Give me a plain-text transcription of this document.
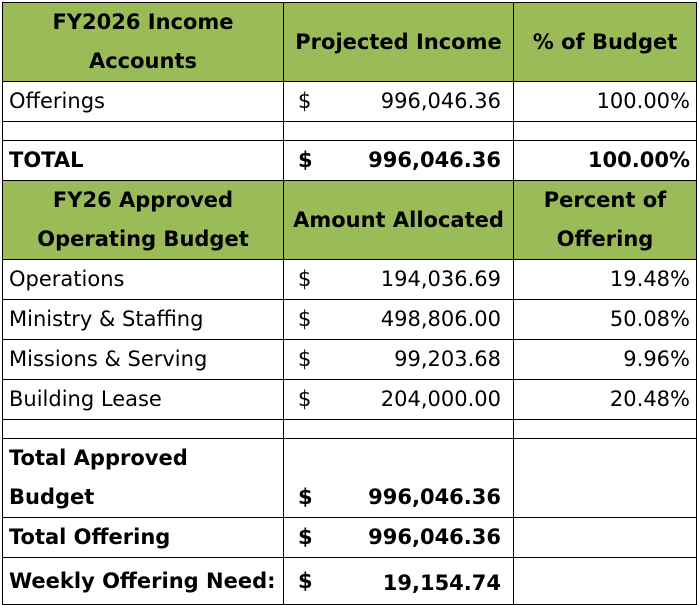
FY2026 Income Accounts	Projected Income	% of Budget
Offerings	$ 996,046.36	100.00%

TOTAL	$ 996,046.36	100.00%
FY26 Approved Operating Budget	Amount Allocated	Percent of Offering
Operations	$ 194,036.69	19.48%
Ministry & Staffing	$ 498,806.00	50.08%
Missions & Serving	$ 99,203.68	9.96%
Building Lease	$ 204,000.00	20.48%

Total Approved Budget	$ 996,046.36	

Total Offering	$ 996,046.36	

Weekly Offering Need:	$ 19,154.74	
